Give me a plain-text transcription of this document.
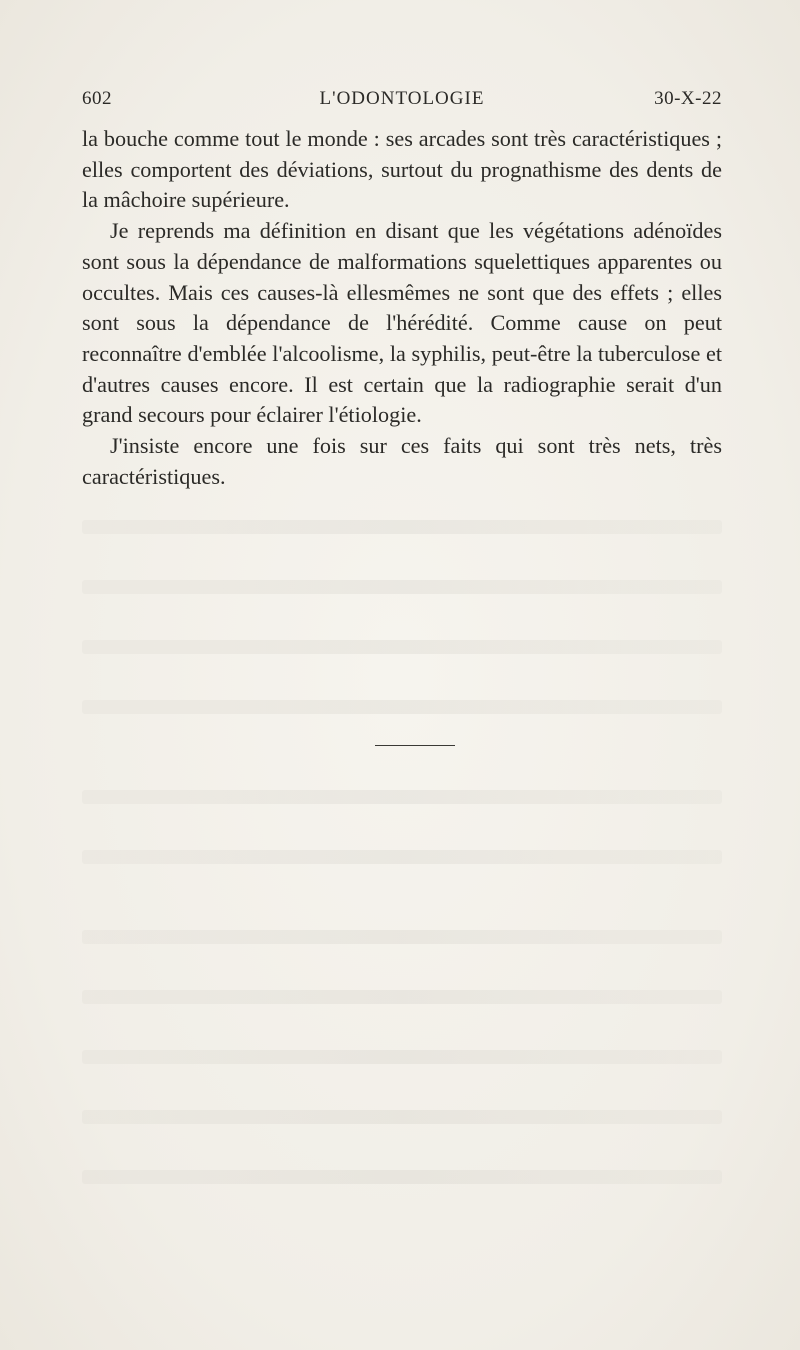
602	L'ODONTOLOGIE	30-X-22

la bouche comme tout le monde : ses arcades sont très caractéristiques ; elles comportent des déviations, surtout du prognathisme des dents de la mâchoire supérieure.

Je reprends ma définition en disant que les végétations adénoïdes sont sous la dépendance de malformations squelettiques apparentes ou occultes. Mais ces causes-là ellesmêmes ne sont que des effets ; elles sont sous la dépendance de l'hérédité. Comme cause on peut reconnaître d'emblée l'alcoolisme, la syphilis, peut-être la tuberculose et d'autres causes encore. Il est certain que la radiographie serait d'un grand secours pour éclairer l'étiologie.

J'insiste encore une fois sur ces faits qui sont très nets, très caractéristiques.
